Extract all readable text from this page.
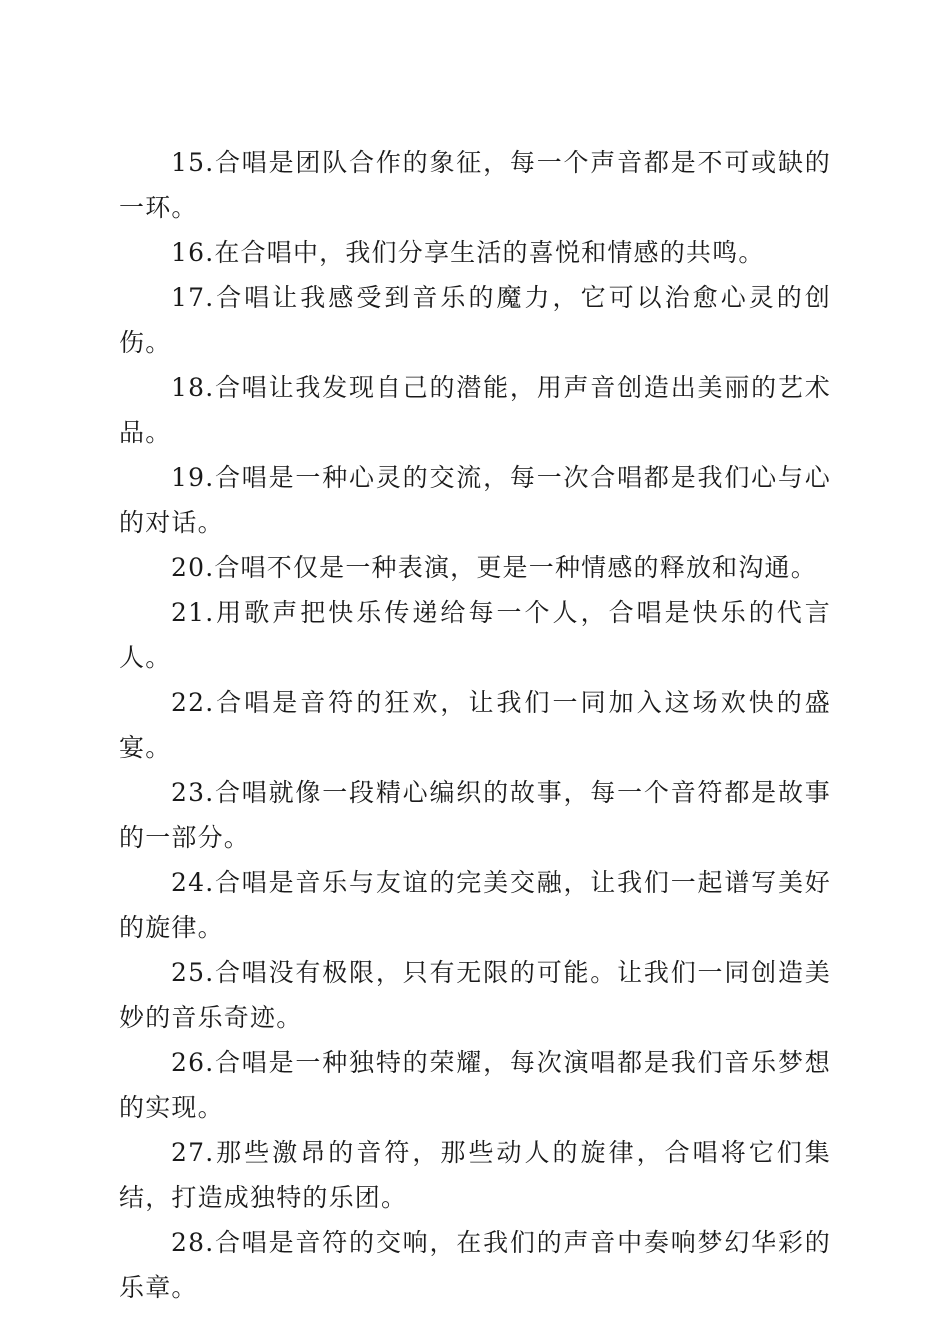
15.合唱是团队合作的象征，每一个声音都是不可或缺的一环。

16.在合唱中，我们分享生活的喜悦和情感的共鸣。

17.合唱让我感受到音乐的魔力，它可以治愈心灵的创伤。

18.合唱让我发现自己的潜能，用声音创造出美丽的艺术品。

19.合唱是一种心灵的交流，每一次合唱都是我们心与心的对话。

20.合唱不仅是一种表演，更是一种情感的释放和沟通。

21.用歌声把快乐传递给每一个人，合唱是快乐的代言人。

22.合唱是音符的狂欢，让我们一同加入这场欢快的盛宴。

23.合唱就像一段精心编织的故事，每一个音符都是故事的一部分。

24.合唱是音乐与友谊的完美交融，让我们一起谱写美好的旋律。

25.合唱没有极限，只有无限的可能。让我们一同创造美妙的音乐奇迹。

26.合唱是一种独特的荣耀，每次演唱都是我们音乐梦想的实现。

27.那些激昂的音符，那些动人的旋律，合唱将它们集结，打造成独特的乐团。

28.合唱是音符的交响，在我们的声音中奏响梦幻华彩的乐章。
